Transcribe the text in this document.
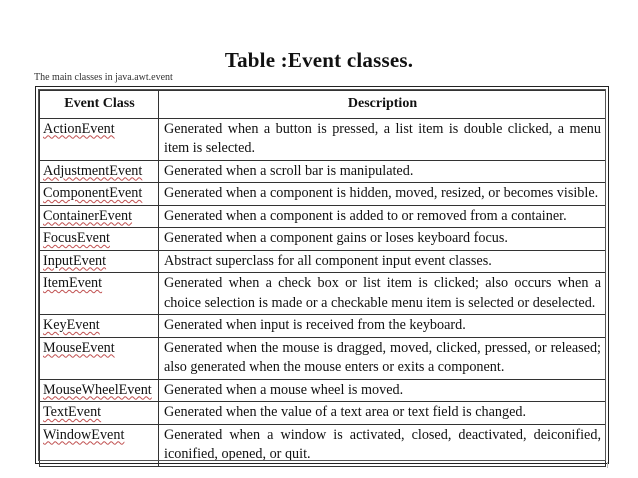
Table :Event classes.
The main classes in java.awt.event
Event Class	Description
ActionEvent	Generated when a button is pressed, a list item is double clicked, a menu item is selected.
AdjustmentEvent	Generated when a scroll bar is manipulated.
ComponentEvent	Generated when a component is hidden, moved, resized, or becomes visible.
ContainerEvent	Generated when a component is added to or removed from a container.
FocusEvent	Generated when a component gains or loses keyboard focus.
InputEvent	Abstract superclass for all component input event classes.
ItemEvent	Generated when a check box or list item is clicked; also occurs when a choice selection is made or a checkable menu item is selected or deselected.
KeyEvent	Generated when input is received from the keyboard.
MouseEvent	Generated when the mouse is dragged, moved, clicked, pressed, or released; also generated when the mouse enters or exits a component.
MouseWheelEvent	Generated when a mouse wheel is moved.
TextEvent	Generated when the value of a text area or text field is changed.
WindowEvent	Generated when a window is activated, closed, deactivated, deiconified, iconified, opened, or quit.
